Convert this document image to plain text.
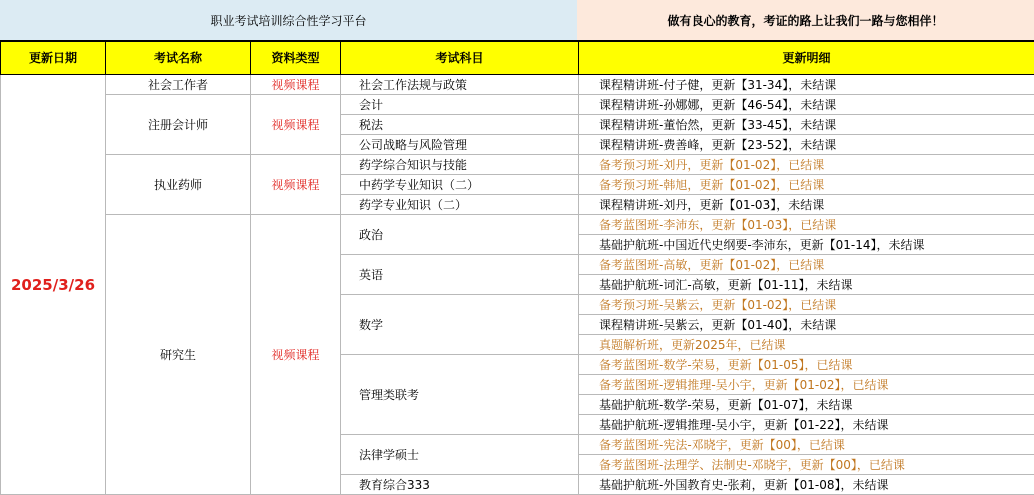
职业考试培训综合性学习平台	做有良心的教育，考证的路上让我们一路与您相伴！
更新日期	考试名称	资料类型	考试科目	更新明细
2025/3/26	社会工作者	视频课程	社会工作法规与政策	课程精讲班-付子健，更新【31-34】，未结课
	注册会计师	视频课程	会计	课程精讲班-孙娜娜，更新【46-54】，未结课
			税法	课程精讲班-董怡然，更新【33-45】，未结课
			公司战略与风险管理	课程精讲班-费善峰，更新【23-52】，未结课
	执业药师	视频课程	药学综合知识与技能	备考预习班-刘丹，更新【01-02】，已结课
			中药学专业知识（二）	备考预习班-韩旭，更新【01-02】，已结课
			药学专业知识（二）	课程精讲班-刘丹，更新【01-03】，未结课
	研究生	视频课程	政治	备考蓝图班-李沛东，更新【01-03】，已结课
				基础护航班-中国近代史纲要-李沛东，更新【01-14】，未结课
			英语	备考蓝图班-高敏，更新【01-02】，已结课
				基础护航班-词汇-高敏，更新【01-11】，未结课
			数学	备考预习班-吴紫云，更新【01-02】，已结课
				课程精讲班-吴紫云，更新【01-40】，未结课
				真题解析班，更新2025年，已结课
			管理类联考	备考蓝图班-数学-荣易，更新【01-05】，已结课
				备考蓝图班-逻辑推理-吴小宇，更新【01-02】，已结课
				基础护航班-数学-荣易，更新【01-07】，未结课
				基础护航班-逻辑推理-吴小宇，更新【01-22】，未结课
			法律学硕士	备考蓝图班-宪法-邓晓宇，更新【00】，已结课
				备考蓝图班-法理学、法制史-邓晓宇，更新【00】，已结课
			教育综合333	基础护航班-外国教育史-张莉，更新【01-08】，未结课
